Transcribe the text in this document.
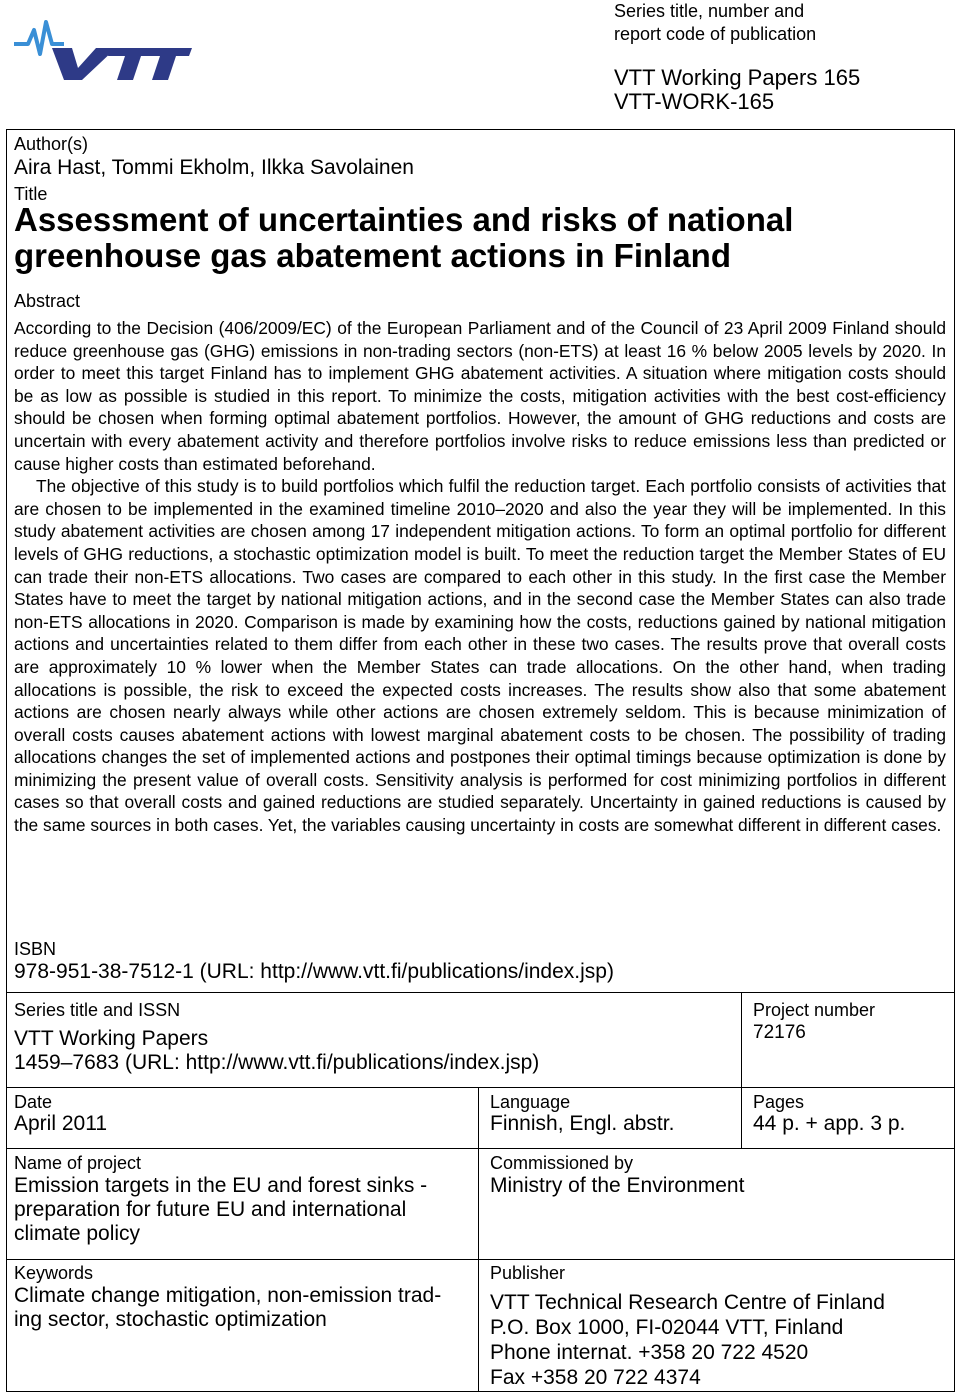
Series title, number and
report code of publication
VTT Working Papers 165
VTT-WORK-165
Author(s)
Aira Hast, Tommi Ekholm, Ilkka Savolainen
Title
Assessment of uncertainties and risks of national
greenhouse gas abatement actions in Finland
Abstract

According to the Decision (406/2009/EC) of the European Parliament and of the Council of 23 April 2009 Finland should reduce greenhouse gas (GHG) emissions in non-trading sectors (non-ETS) at least 16 % below 2005 levels by 2020. In order to meet this target Finland has to implement GHG abatement activities. A situation where mitigation costs should be as low as possible is studied in this report. To minimize the costs, mitigation activities with the best cost-efficiency should be chosen when forming optimal abatement portfolios. However, the amount of GHG reductions and costs are uncertain with every abatement activity and therefore portfolios involve risks to reduce emissions less than predicted or cause higher costs than estimated beforehand.

The objective of this study is to build portfolios which fulfil the reduction target. Each portfolio consists of activities that are chosen to be implemented in the examined timeline 2010–2020 and also the year they will be implemented. In this study abatement activities are chosen among 17 independent mitigation actions. To form an optimal portfolio for different levels of GHG reductions, a stochastic optimization model is built. To meet the reduction target the Member States of EU can trade their non-ETS allocations. Two cases are compared to each other in this study. In the first case the Member States have to meet the target by national mitigation actions, and in the second case the Member States can also trade non-ETS allocations in 2020. Comparison is made by examining how the costs, reductions gained by national mitigation actions and uncertainties related to them differ from each other in these two cases. The results prove that overall costs are approximately 10 % lower when the Member States can trade allocations. On the other hand, when trading allocations is possible, the risk to exceed the expected costs increases. The results show also that some abatement actions are chosen nearly always while other actions are chosen extremely seldom. This is because minimization of overall costs causes abatement actions with lowest marginal abatement costs to be chosen. The possibility of trading allocations changes the set of implemented actions and postpones their optimal timings because optimization is done by minimizing the present value of overall costs. Sensitivity analysis is performed for cost minimizing portfolios in different cases so that overall costs and gained reductions are studied separately. Uncertainty in gained reductions is caused by the same sources in both cases. Yet, the variables causing uncertainty in costs are somewhat different in different cases.

ISBN
978-951-38-7512-1 (URL: http://www.vtt.fi/publications/index.jsp)
Series title and ISSN
VTT Working Papers
1459–7683 (URL: http://www.vtt.fi/publications/index.jsp)
Project number
72176
Date
April 2011
Language
Finnish, Engl. abstr.
Pages
44 p. + app. 3 p.
Name of project
Emission targets in the EU and forest sinks -
preparation for future EU and international
climate policy
Commissioned by
Ministry of the Environment
Keywords
Climate change mitigation, non-emission trad-
ing sector, stochastic optimization
Publisher
VTT Technical Research Centre of Finland
P.O. Box 1000, FI-02044 VTT, Finland
Phone internat. +358 20 722 4520
Fax +358 20 722 4374
